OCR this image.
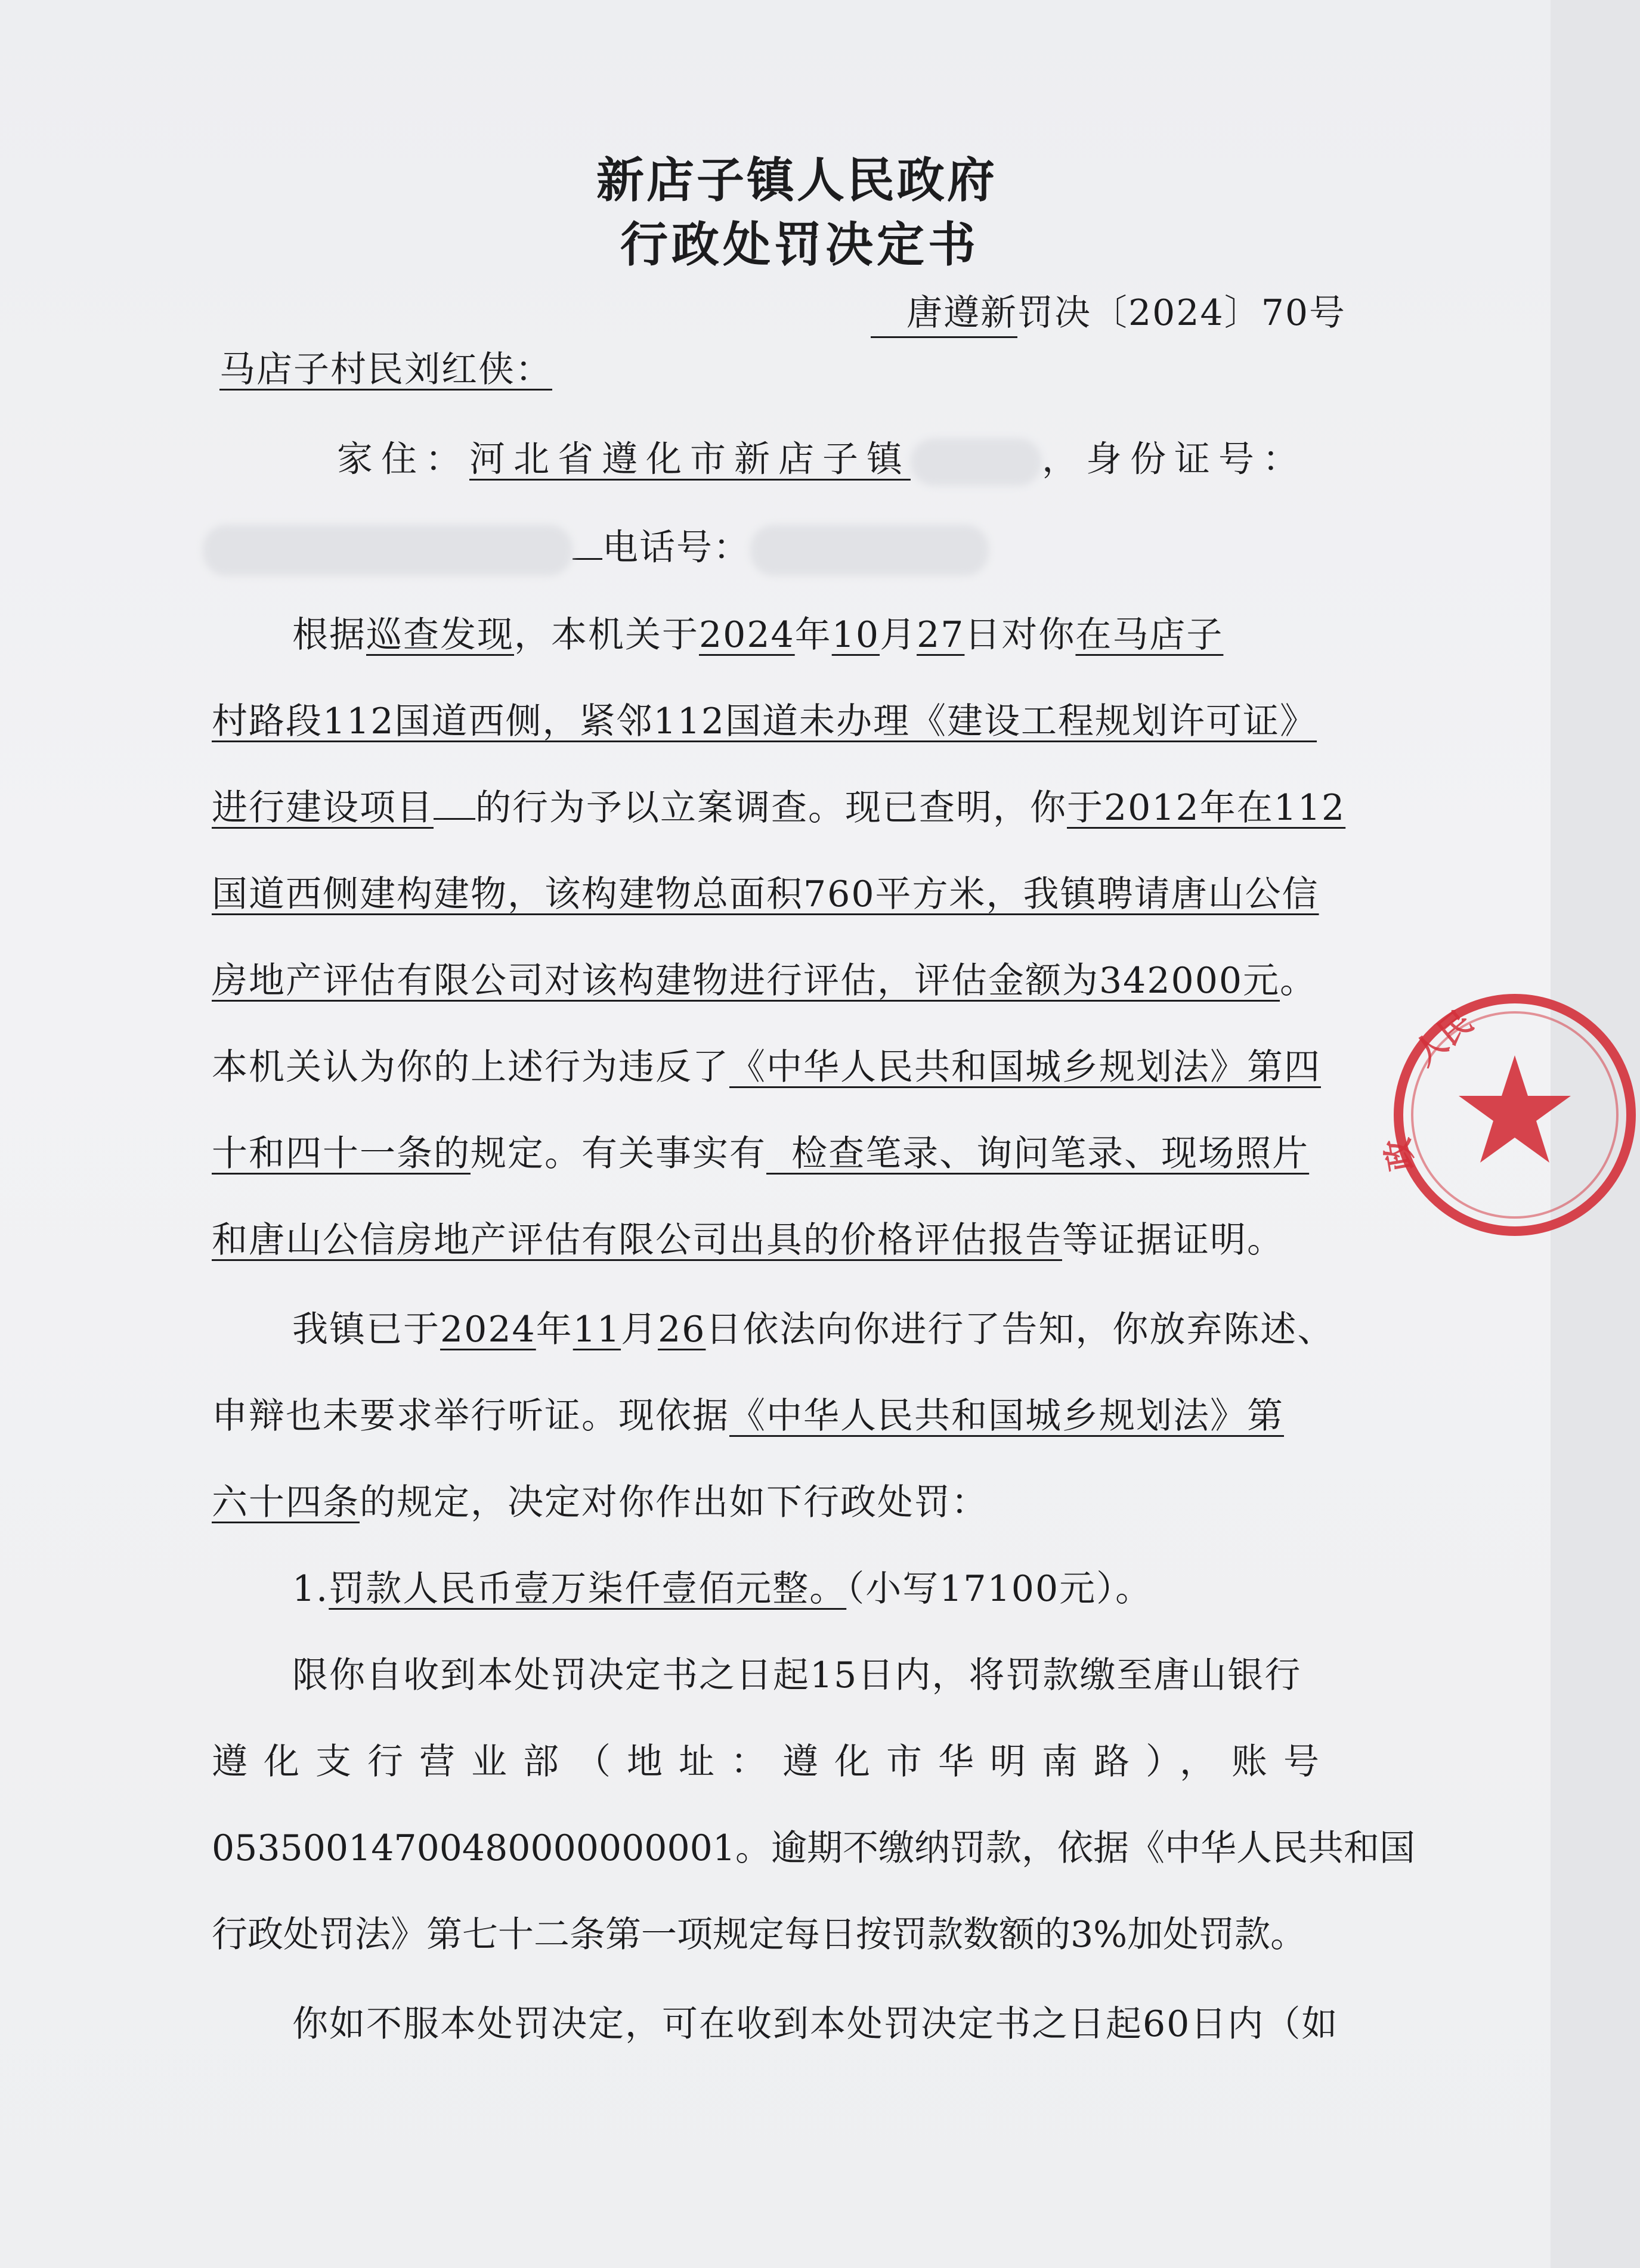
新店子镇人民政府
行政处罚决定书
唐遵新罚决〔2024〕70号
马店子村民刘红侠：
家住：河北省遵化市新店子镇	，身份证号：
电话号：
根据巡查发现，本机关于2024年10月27日对你在马店子
村路段112国道西侧，紧邻112国道未办理《建设工程规划许可证》
进行建设项目 的行为予以立案调查。现已查明，你于2012年在112
国道西侧建构建物，该构建物总面积760平方米，我镇聘请唐山公信
房地产评估有限公司对该构建物进行评估，评估金额为342000元。
本机关认为你的上述行为违反了《中华人民共和国城乡规划法》第四
十和四十一条的规定。有关事实有  检查笔录、询问笔录、现场照片
和唐山公信房地产评估有限公司出具的价格评估报告等证据证明。
我镇已于2024年11月26日依法向你进行了告知，你放弃陈述、
申辩也未要求举行听证。现依据《中华人民共和国城乡规划法》第
六十四条的规定，决定对你作出如下行政处罚：
1.罚款人民币壹万柒仟壹佰元整。（小写17100元）。
限你自收到本处罚决定书之日起15日内，将罚款缴至唐山银行
遵化支行营业部（地址：遵化市华明南路），账号
05350014700480000000001。逾期不缴纳罚款，依据《中华人民共和国
行政处罚法》第七十二条第一项规定每日按罚款数额的3%加处罚款。
你如不服本处罚决定，可在收到本处罚决定书之日起60日内（如
人民
政
